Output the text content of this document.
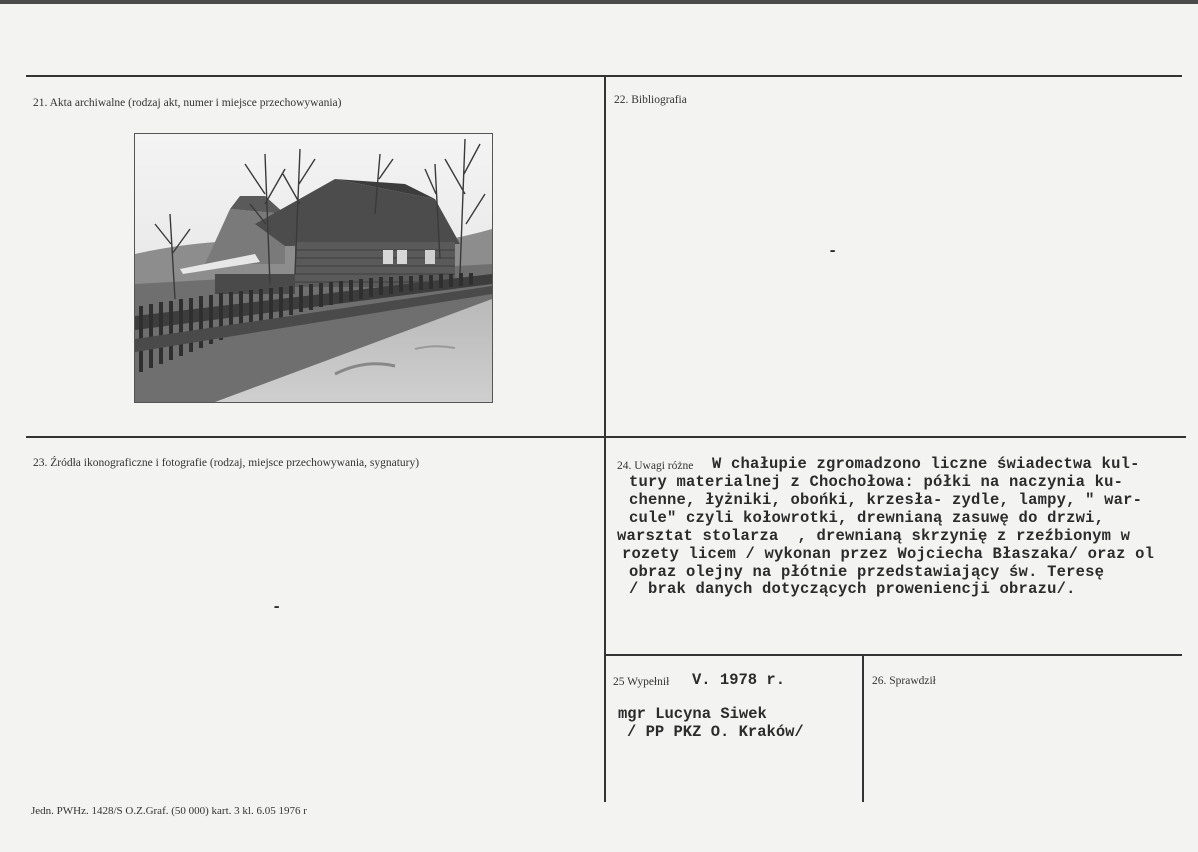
21. Akta archiwalne (rodzaj akt, numer i miejsce przechowywania)	22. Bibliografia
-
23. Źródła ikonograficzne i fotografie (rodzaj, miejsce przechowywania, sygnatury)
-
24. Uwagi różne W chałupie zgromadzono liczne świadectwa kul-
tury materialnej z Chochołowa: półki na naczynia ku-
chenne, łyżniki, obońki, krzesła- zydle, lampy, " war-
cule" czyli kołowrotki, drewnianą zasuwę do drzwi,
warsztat stolarza  , drewnianą skrzynię z rzeźbionym w
rozety licem / wykonan przez Wojciecha Błaszaka/ oraz ol
obraz olejny na płótnie przedstawiający św. Teresę
/ brak danych dotyczących proweniencji obrazu/.
25 Wypełnił V. 1978 r.
mgr Lucyna Siwek
/ PP PKZ O. Kraków/
26. Sprawdził
Jedn. PWHz. 1428/S O.Z.Graf. (50 000) kart. 3 kl. 6.05 1976 r
